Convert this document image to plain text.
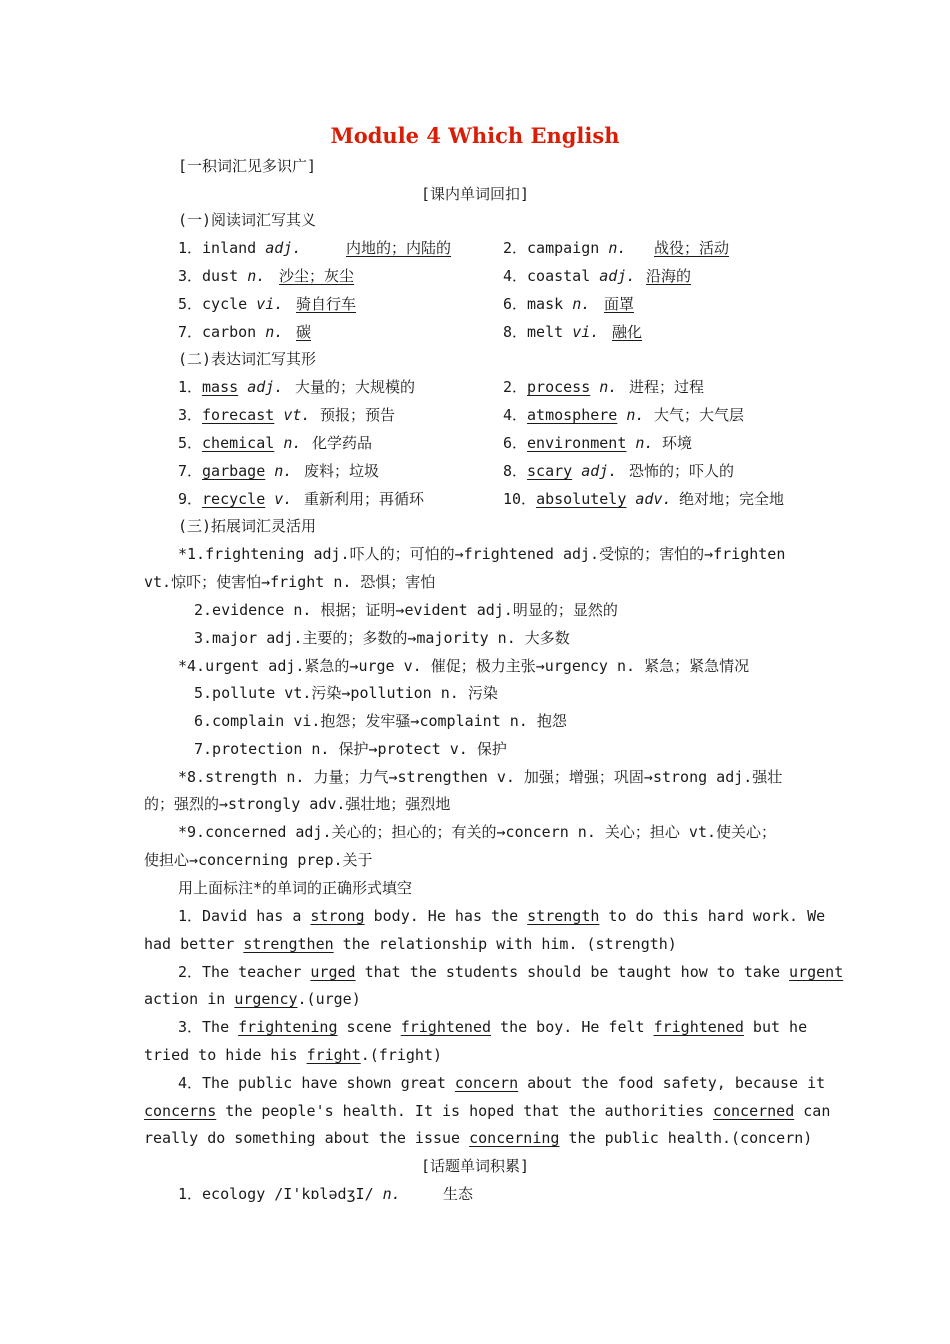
Module 4 Which English
[一积词汇见多识广]
[课内单词回扣]
(一)阅读词汇写其义
1．inland adj.	内地的；内陆的	2．campaign n. 战役；活动
3．dust n. 沙尘；灰尘	4．coastal adj. 沿海的
5．cycle vi. 骑自行车	6．mask n. 面罩
7．carbon n. 碳	8．melt vi. 融化
(二)表达词汇写其形
1．mass adj. 大量的；大规模的	2．process n. 进程；过程
3．forecast vt. 预报；预告	4．atmosphere n. 大气；大气层
5．chemical n. 化学药品	6．environment n. 环境
7．garbage n. 废料；垃圾	8．scary adj. 恐怖的；吓人的
9．recycle v. 重新利用；再循环	10．absolutely adv. 绝对地；完全地
(三)拓展词汇灵活用
*1.frightening adj.吓人的；可怕的→frightened adj.受惊的；害怕的→frighten
vt.惊吓；使害怕→fright n. 恐惧；害怕
2.evidence n. 根据；证明→evident adj.明显的；显然的
3.major adj.主要的；多数的→majority n. 大多数
*4.urgent adj.紧急的→urge v. 催促；极力主张→urgency n. 紧急；紧急情况
5.pollute vt.污染→pollution n. 污染
6.complain vi.抱怨；发牢骚→complaint n. 抱怨
7.protection n. 保护→protect v. 保护
*8.strength n. 力量；力气→strengthen v. 加强；增强；巩固→strong adj.强壮
的；强烈的→strongly adv.强壮地；强烈地
*9.concerned adj.关心的；担心的；有关的→concern n. 关心；担心 vt.使关心；
使担心→concerning prep.关于
用上面标注*的单词的正确形式填空
1．David has a strong body. He has the strength to do this hard work. We
had better strengthen the relationship with him. (strength)
2．The teacher urged that the students should be taught how to take urgent
action in urgency.(urge)
3．The frightening scene frightened the boy. He felt frightened but he
tried to hide his fright.(fright)
4．The public have shown great concern about the food safety, because it
concerns the people's health. It is hoped that the authorities concerned can
really do something about the issue concerning the public health.(concern)
[话题单词积累]
1．ecology /I'kɒlədʒI/ n.	生态
